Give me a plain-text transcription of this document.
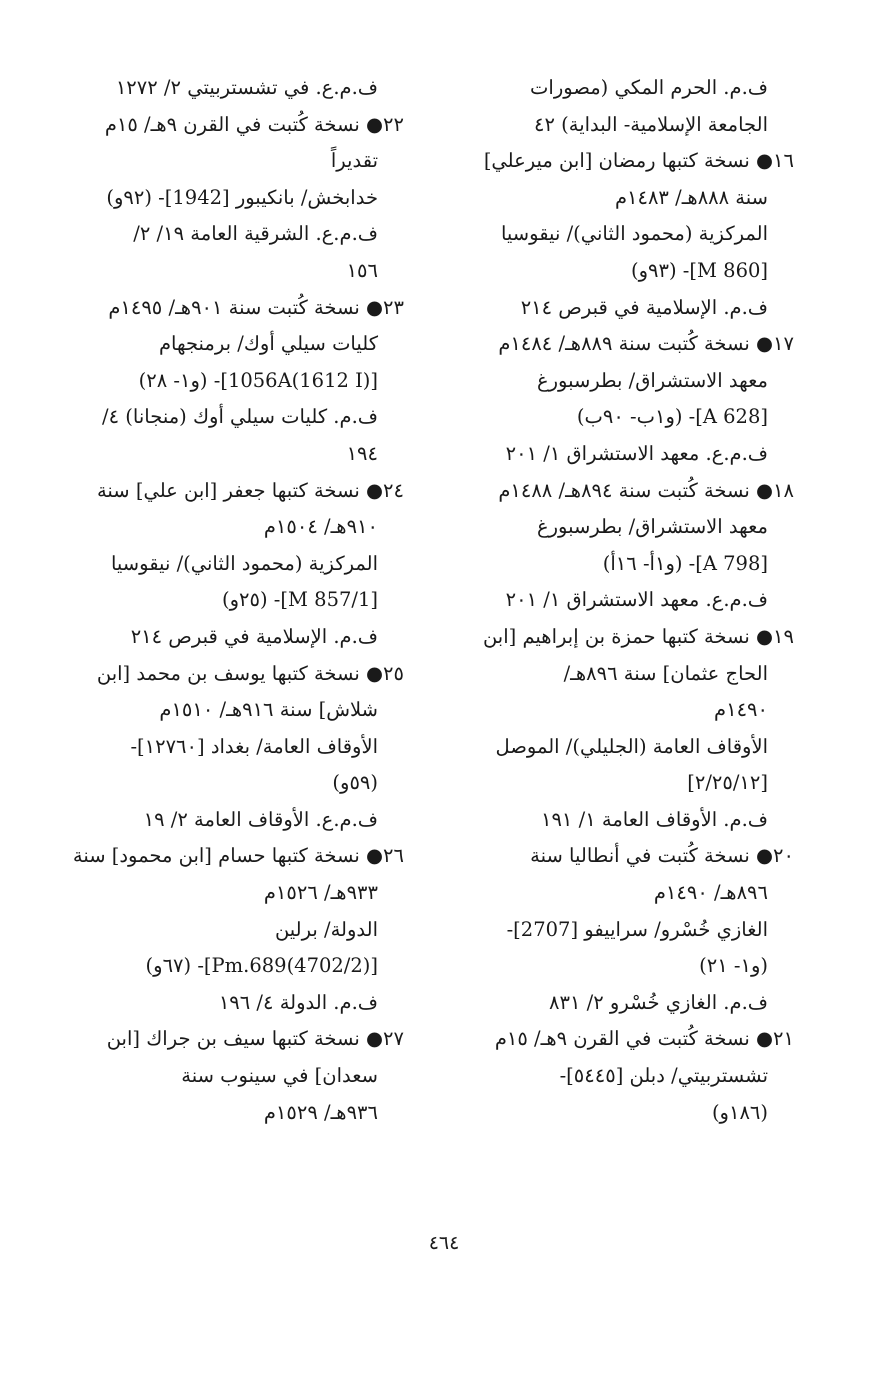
ف.م. الحرم المكي (مصورات
الجامعة الإسلامية- البداية) ٤٢
١٦● نسخة كتبها رمضان [ابن ميرعلي]
سنة ٨٨٨هـ/ ١٤٨٣م
المركزية (محمود الثاني)/ نيقوسيا
[M 860]- (٩٣و)
ف.م. الإسلامية في قبرص ٢١٤
١٧● نسخة كُتبت سنة ٨٨٩هـ/ ١٤٨٤م
معهد الاستشراق/ بطرسبورغ
[A 628]- (و١ب- ٩٠ب)
ف.م.ع. معهد الاستشراق ١/ ٢٠١
١٨● نسخة كُتبت سنة ٨٩٤هـ/ ١٤٨٨م
معهد الاستشراق/ بطرسبورغ
[A 798]- (و١أ- ١٦أ)
ف.م.ع. معهد الاستشراق ١/ ٢٠١
١٩● نسخة كتبها حمزة بن إبراهيم [ابن
الحاج عثمان] سنة ٨٩٦هـ/
١٤٩٠م
الأوقاف العامة (الجليلي)/ الموصل
[٢/٢٥/١٢]
ف.م. الأوقاف العامة ١/ ١٩١
٢٠● نسخة كُتبت في أنطاليا سنة
٨٩٦هـ/ ١٤٩٠م
الغازي خُسْرو/ سراييفو [2707]-
(و١- ٢١)
ف.م. الغازي خُسْرو ٢/ ٨٣١
٢١● نسخة كُتبت في القرن ٩هـ/ ١٥م
تشستربيتي/ دبلن [٥٤٤٥]-
(١٨٦و)
ف.م.ع. في تشستربيتي ٢/ ١٢٧٢
٢٢● نسخة كُتبت في القرن ٩هـ/ ١٥م
تقديراً
خدابخش/ بانكيبور [1942]- (٩٢و)
ف.م.ع. الشرقية العامة ١٩/ ٢/
١٥٦
٢٣● نسخة كُتبت سنة ٩٠١هـ/ ١٤٩٥م
كليات سيلي أوك/ برمنجهام
[1056A(1612 I)]- (و١- ٢٨)
ف.م. كليات سيلي أوك (منجانا) ٤/
١٩٤
٢٤● نسخة كتبها جعفر [ابن علي] سنة
٩١٠هـ/ ١٥٠٤م
المركزية (محمود الثاني)/ نيقوسيا
[M 857/1]- (٢٥و)
ف.م. الإسلامية في قبرص ٢١٤
٢٥● نسخة كتبها يوسف بن محمد [ابن
شلاش] سنة ٩١٦هـ/ ١٥١٠م
الأوقاف العامة/ بغداد [١٢٧٦٠]-
(٥٩و)
ف.م.ع. الأوقاف العامة ٢/ ١٩
٢٦● نسخة كتبها حسام [ابن محمود] سنة
٩٣٣هـ/ ١٥٢٦م
الدولة/ برلين
[(4702/2)Pm.689]- (٦٧و)
ف.م. الدولة ٤/ ١٩٦
٢٧● نسخة كتبها سيف بن جراك [ابن
سعدان] في سينوب سنة
٩٣٦هـ/ ١٥٢٩م
٤٦٤
